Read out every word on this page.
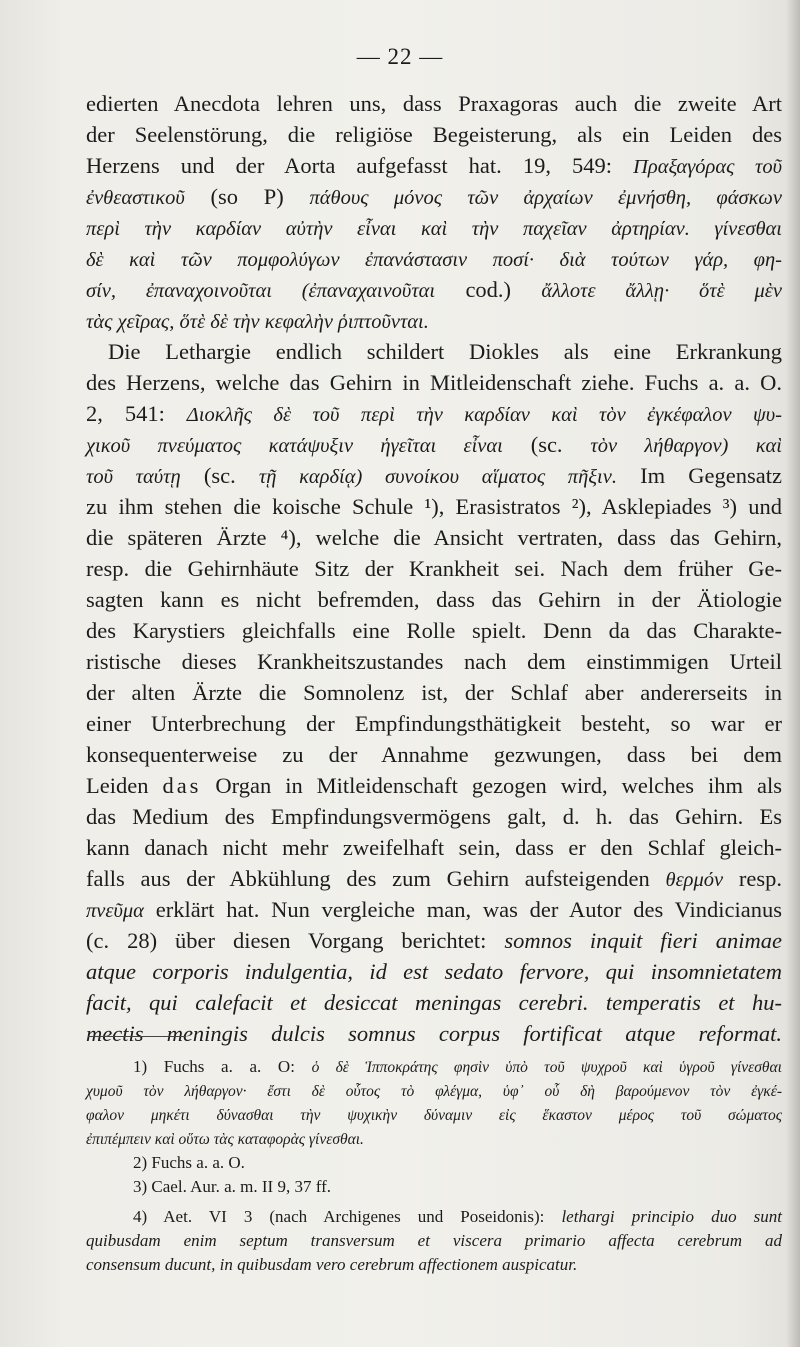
— 22 —
edierten Anecdota lehren uns, dass Praxagoras auch die zweite Art
der Seelenstörung, die religiöse Begeisterung, als ein Leiden des
Herzens und der Aorta aufgefasst hat. 19, 549: Πραξαγόρας τοῦ
ἐνθεαστικοῦ (so P) πάθους μόνος τῶν ἀρχαίων ἐμνήσθη, φάσκων
περὶ τὴν καρδίαν αὐτὴν εἶναι καὶ τὴν παχεῖαν ἀρτηρίαν. γίνεσθαι
δὲ καὶ τῶν πομφολύγων ἐπανάστασιν ποσί· διὰ τούτων γάρ, φη-
σίν, ἐπαναχοινοῦται (ἐπαναχαινοῦται cod.) ἄλλοτε ἄλλῃ· ὅτὲ μὲν
τὰς χεῖρας, ὅτὲ δὲ τὴν κεφαλὴν ῥιπτοῦνται.
Die Lethargie endlich schildert Diokles als eine Erkrankung
des Herzens, welche das Gehirn in Mitleidenschaft ziehe. Fuchs a. a. O.
2, 541: Διοκλῆς δὲ τοῦ περὶ τὴν καρδίαν καὶ τὸν ἐγκέφαλον ψυ-
χικοῦ πνεύματος κατάψυξιν ἡγεῖται εἶναι (sc. τὸν λήθαργον) καὶ
τοῦ ταύτῃ (sc. τῇ καρδίᾳ) συνοίκου αἵματος πῆξιν. Im Gegensatz
zu ihm stehen die koische Schule ¹), Erasistratos ²), Asklepiades ³) und
die späteren Ärzte ⁴), welche die Ansicht vertraten, dass das Gehirn,
resp. die Gehirnhäute Sitz der Krankheit sei. Nach dem früher Ge-
sagten kann es nicht befremden, dass das Gehirn in der Ätiologie
des Karystiers gleichfalls eine Rolle spielt. Denn da das Charakte-
ristische dieses Krankheitszustandes nach dem einstimmigen Urteil
der alten Ärzte die Somnolenz ist, der Schlaf aber andererseits in
einer Unterbrechung der Empfindungsthätigkeit besteht, so war er
konsequenterweise zu der Annahme gezwungen, dass bei dem
Leiden das Organ in Mitleidenschaft gezogen wird, welches ihm als
das Medium des Empfindungsvermögens galt, d. h. das Gehirn. Es
kann danach nicht mehr zweifelhaft sein, dass er den Schlaf gleich-
falls aus der Abkühlung des zum Gehirn aufsteigenden θερμόν resp.
πνεῦμα erklärt hat. Nun vergleiche man, was der Autor des Vindicianus
(c. 28) über diesen Vorgang berichtet: somnos inquit fieri animae
atque corporis indulgentia, id est sedato fervore, qui insomnietatem
facit, qui calefacit et desiccat meningas cerebri. temperatis et hu-
mectis meningis dulcis somnus corpus fortificat atque reformat.
1) Fuchs a. a. O: ὁ δὲ Ἱπποκράτης φησὶν ὑπὸ τοῦ ψυχροῦ καὶ ὑγροῦ γίνεσθαι
χυμοῦ τὸν λήθαργον· ἔστι δὲ οὗτος τὸ φλέγμα, ὑφ᾽ οὗ δὴ βαρούμενον τὸν ἐγκέ-
φαλον μηκέτι δύνασθαι τὴν ψυχικὴν δύναμιν εἰς ἕκαστον μέρος τοῦ σώματος
ἐπιπέμπειν καὶ οὕτω τὰς καταφορὰς γίνεσθαι.
2) Fuchs a. a. O.
3) Cael. Aur. a. m. II 9, 37 ff.
4) Aet. VI 3 (nach Archigenes und Poseidonis): lethargi principio duo sunt
quibusdam enim septum transversum et viscera primario affecta cerebrum ad
consensum ducunt, in quibusdam vero cerebrum affectionem auspicatur.
